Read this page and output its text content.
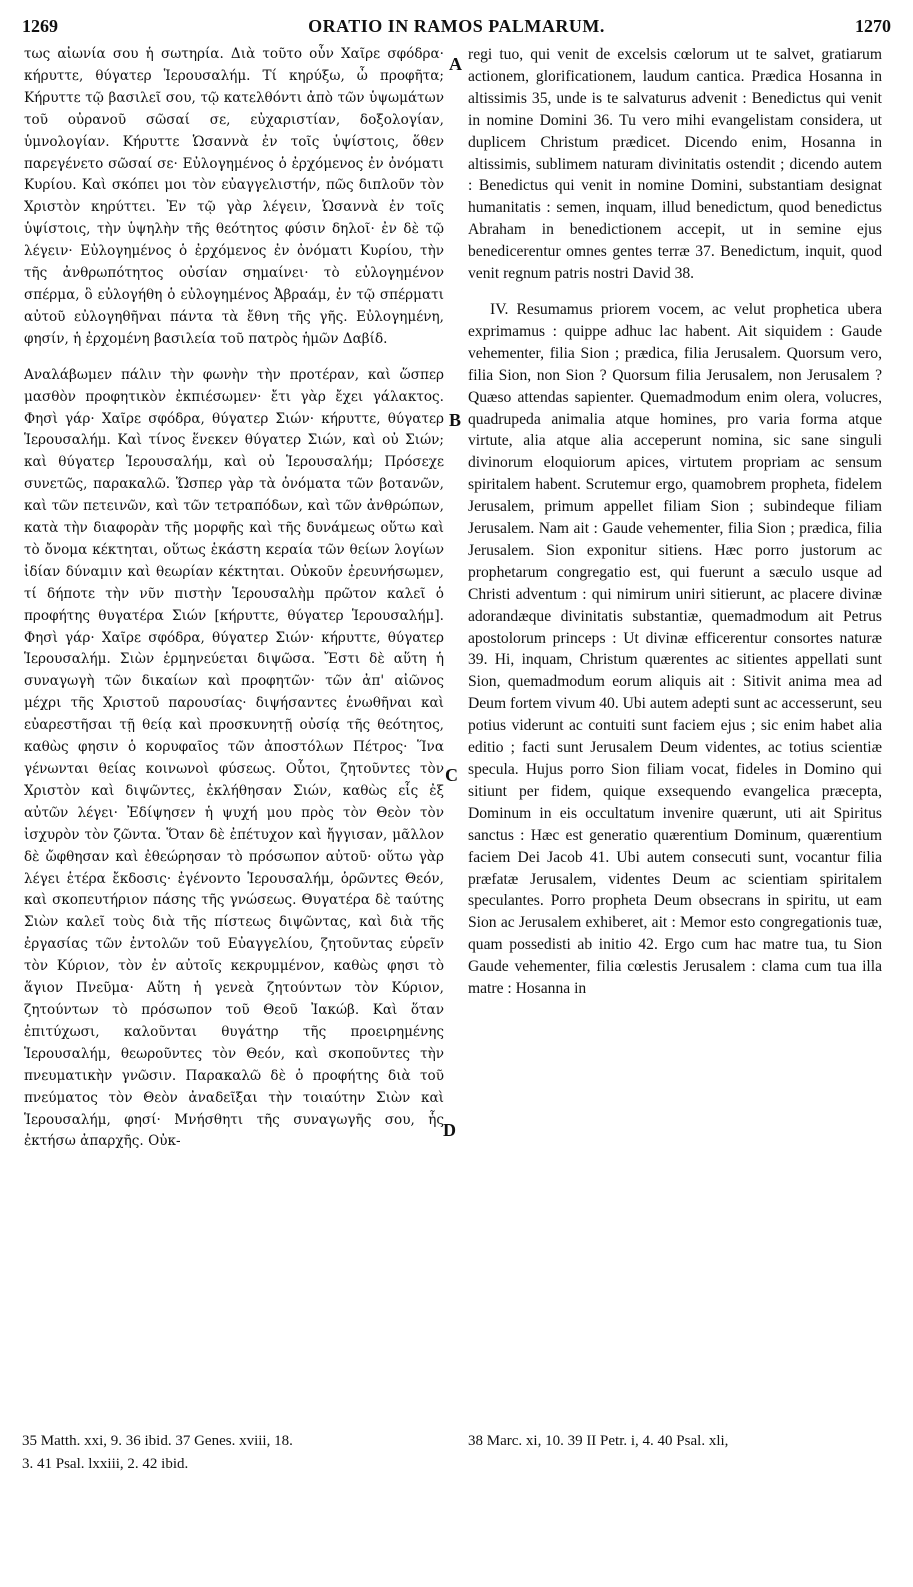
1269	ORATIO IN RAMOS PALMARUM.	1270

τως αἰωνία σου ἡ σωτηρία. Διὰ τοῦτο οὖν Χαῖρε σφόδρα· κήρυττε, θύγατερ Ἱερουσαλήμ. Τί κηρύξω, ὦ προφῆτα; Κήρυττε τῷ βασιλεῖ σου, τῷ κατελθόντι ἀπὸ τῶν ὑψωμάτων τοῦ οὐρανοῦ σῶσαί σε, εὐχαριστίαν, δοξολογίαν, ὑμνολογίαν. Κήρυττε Ὡσαννὰ ἐν τοῖς ὑψίστοις, ὅθεν παρεγένετο σῶσαί σε· Εὐλογημένος ὁ ἐρχόμενος ἐν ὀνόματι Κυρίου. Καὶ σκόπει μοι τὸν εὐαγγελιστήν, πῶς διπλοῦν τὸν Χριστὸν κηρύττει. Ἐν τῷ γὰρ λέγειν, Ὡσαννὰ ἐν τοῖς ὑψίστοις, τὴν ὑψηλὴν τῆς θεότητος φύσιν δηλοῖ· ἐν δὲ τῷ λέγειν· Εὐλογημένος ὁ ἐρχόμενος ἐν ὀνόματι Κυρίου, τὴν τῆς ἀνθρωπότητος οὐσίαν σημαίνει· τὸ εὐλογημένον σπέρμα, ὃ εὐλογήθη ὁ εὐλογημένος Ἀβραάμ, ἐν τῷ σπέρματι αὐτοῦ εὐλογηθῆναι πάντα τὰ ἔθνη τῆς γῆς. Εὐλογημένη, φησίν, ἡ ἐρχομένη βασιλεία τοῦ πατρὸς ἡμῶν Δαβίδ.

Αναλάβωμεν πάλιν τὴν φωνὴν τὴν προτέραν, καὶ ὥσπερ μασθὸν προφητικὸν ἐκπιέσωμεν· ἔτι γὰρ ἔχει γάλακτος. Φησὶ γάρ· Χαῖρε σφόδρα, θύγατερ Σιών· κήρυττε, θύγατερ Ἱερουσαλήμ. Καὶ τίνος ἕνεκεν θύγατερ Σιών, καὶ οὐ Σιών; καὶ θύγατερ Ἱερουσαλήμ, καὶ οὐ Ἱερουσαλήμ; Πρόσεχε συνετῶς, παρακαλῶ. Ὥσπερ γὰρ τὰ ὀνόματα τῶν βοτανῶν, καὶ τῶν πετεινῶν, καὶ τῶν τετραπόδων, καὶ τῶν ἀνθρώπων, κατὰ τὴν διαφορὰν τῆς μορφῆς καὶ τῆς δυνάμεως οὕτω καὶ τὸ ὄνομα κέκτηται, οὕτως ἑκάστη κεραία τῶν θείων λογίων ἰδίαν δύναμιν καὶ θεωρίαν κέκτηται. Οὐκοῦν ἐρευνήσωμεν, τί δήποτε τὴν νῦν πιστὴν Ἱερουσαλὴμ πρῶτον καλεῖ ὁ προφήτης θυγατέρα Σιών [κήρυττε, θύγατερ Ἱερουσαλήμ]. Φησὶ γάρ· Χαῖρε σφόδρα, θύγατερ Σιών· κήρυττε, θύγατερ Ἱερουσαλήμ. Σιὼν ἑρμηνεύεται διψῶσα. Ἔστι δὲ αὕτη ἡ συναγωγὴ τῶν δικαίων καὶ προφητῶν· τῶν ἀπ' αἰῶνος μέχρι τῆς Χριστοῦ παρουσίας· διψήσαντες ἑνωθῆναι καὶ εὐαρεστῆσαι τῇ θείᾳ καὶ προσκυνητῇ οὐσίᾳ τῆς θεότητος, καθὼς φησιν ὁ κορυφαῖος τῶν ἀποστόλων Πέτρος· Ἵνα γένωνται θείας κοινωνοὶ φύσεως. Οὗτοι, ζητοῦντες τὸν Χριστὸν καὶ διψῶντες, ἐκλήθησαν Σιών, καθὼς εἷς ἐξ αὐτῶν λέγει· Ἐδίψησεν ἡ ψυχή μου πρὸς τὸν Θεὸν τὸν ἰσχυρὸν τὸν ζῶντα. Ὅταν δὲ ἐπέτυχον καὶ ἤγγισαν, μᾶλλον δὲ ὤφθησαν καὶ ἐθεώρησαν τὸ πρόσωπον αὐτοῦ· οὕτω γὰρ λέγει ἑτέρα ἔκδοσις· ἐγένοντο Ἱερουσαλήμ, ὁρῶντες Θεόν, καὶ σκοπευτήριον πάσης τῆς γνώσεως. Θυγατέρα δὲ ταύτης Σιὼν καλεῖ τοὺς διὰ τῆς πίστεως διψῶντας, καὶ διὰ τῆς ἐργασίας τῶν ἐντολῶν τοῦ Εὐαγγελίου, ζητοῦντας εὑρεῖν τὸν Κύριον, τὸν ἐν αὐτοῖς κεκρυμμένον, καθὼς φησι τὸ ἅγιον Πνεῦμα· Αὕτη ἡ γενεὰ ζητούντων τὸν Κύριον, ζητούντων τὸ πρόσωπον τοῦ Θεοῦ Ἰακώβ. Καὶ ὅταν ἐπιτύχωσι, καλοῦνται θυγάτηρ τῆς προειρημένης Ἱερουσαλήμ, θεωροῦντες τὸν Θεόν, καὶ σκοποῦντες τὴν πνευματικὴν γνῶσιν. Παρακαλῶ δὲ ὁ προφήτης διὰ τοῦ πνεύματος τὸν Θεὸν ἀναδεῖξαι τὴν τοιαύτην Σιὼν καὶ Ἱερουσαλήμ, φησί· Μνήσθητι τῆς συναγωγῆς σου, ἧς ἐκτήσω ἀπαρχῆς. Οὐκ-

regi tuo, qui venit de excelsis cœlorum ut te salvet, gratiarum actionem, glorificationem, laudum cantica. Prædica Hosanna in altissimis 35, unde is te salvaturus advenit : Benedictus qui venit in nomine Domini 36. Tu vero mihi evangelistam considera, ut duplicem Christum prædicet. Dicendo enim, Hosanna in altissimis, sublimem naturam divinitatis ostendit ; dicendo autem : Benedictus qui venit in nomine Domini, substantiam designat humanitatis : semen, inquam, illud benedictum, quod benedictus Abraham in benedictionem accepit, ut in semine ejus benedicerentur omnes gentes terræ 37. Benedictum, inquit, quod venit regnum patris nostri David 38.

IV. Resumamus priorem vocem, ac velut propheticа ubera exprimamus : quippe adhuc lac habent. Ait siquidem : Gaude vehementer, filia Sion ; prædica, filia Jerusalem. Quorsum vero, filia Sion, non Sion ? Quorsum filia Jerusalem, non Jerusalem ? Quæso attendas sapienter. Quemadmodum enim olera, volucres, quadrupeda animalia atque homines, pro varia forma atque virtute, alia atque alia acceperunt nomina, sic sane singuli divinorum eloquiorum apices, virtutem propriam ac sensum spiritalem habent. Scrutemur ergo, quamobrem propheta, fidelem Jerusalem, primum appellet filiam Sion ; subindeque filiam Jerusalem. Nam ait : Gaude vehementer, filia Sion ; prædica, filia Jerusalem. Sion exponitur sitiens. Hæc porro justorum ac prophetarum congregatio est, qui fuerunt a sæculo usque ad Christi adventum : qui nimirum uniri sitierunt, ac placere divinæ adorandæque divinitatis substantiæ, quemadmodum ait Petrus apostolorum princeps : Ut divinæ efficerentur consortes naturæ 39. Hi, inquam, Christum quærentes ac sitientes appellati sunt Sion, quemadmodum eorum aliquis ait : Sitivit anima mea ad Deum fortem vivum 40. Ubi autem adepti sunt ac accesserunt, seu potius viderunt ac contuiti sunt faciem ejus ; sic enim habet alia editio ; facti sunt Jerusalem Deum videntes, ac totius scientiæ specula. Hujus porro Sion filiam vocat, fideles in Domino qui sitiunt per fidem, quique exsequendo evangelica præcepta, Dominum in eis occultatum invenire quærunt, uti ait Spiritus sanctus : Hæc est generatio quærentium Dominum, quærentium faciem Dei Jacob 41. Ubi autem consecuti sunt, vocantur filia præfatæ Jerusalem, videntes Deum ac scientiam spiritalem speculantes. Porro propheta Deum obsecrans in spiritu, ut eam Sion ac Jerusalem exhiberet, ait : Memor esto congregationis tuæ, quam possedisti ab initio 42. Ergo cum hac matre tua, tu Sion Gaude vehementer, filia cœlestis Jerusalem : clama cum tua illa matre : Hosanna in

A
B
C
D

35 Matth. xxi, 9. 36 ibid. 37 Genes. xviii, 18.

3. 41 Psal. lxxiii, 2. 42 ibid.

38 Marc. xi, 10. 39 II Petr. i, 4. 40 Psal. xli,
